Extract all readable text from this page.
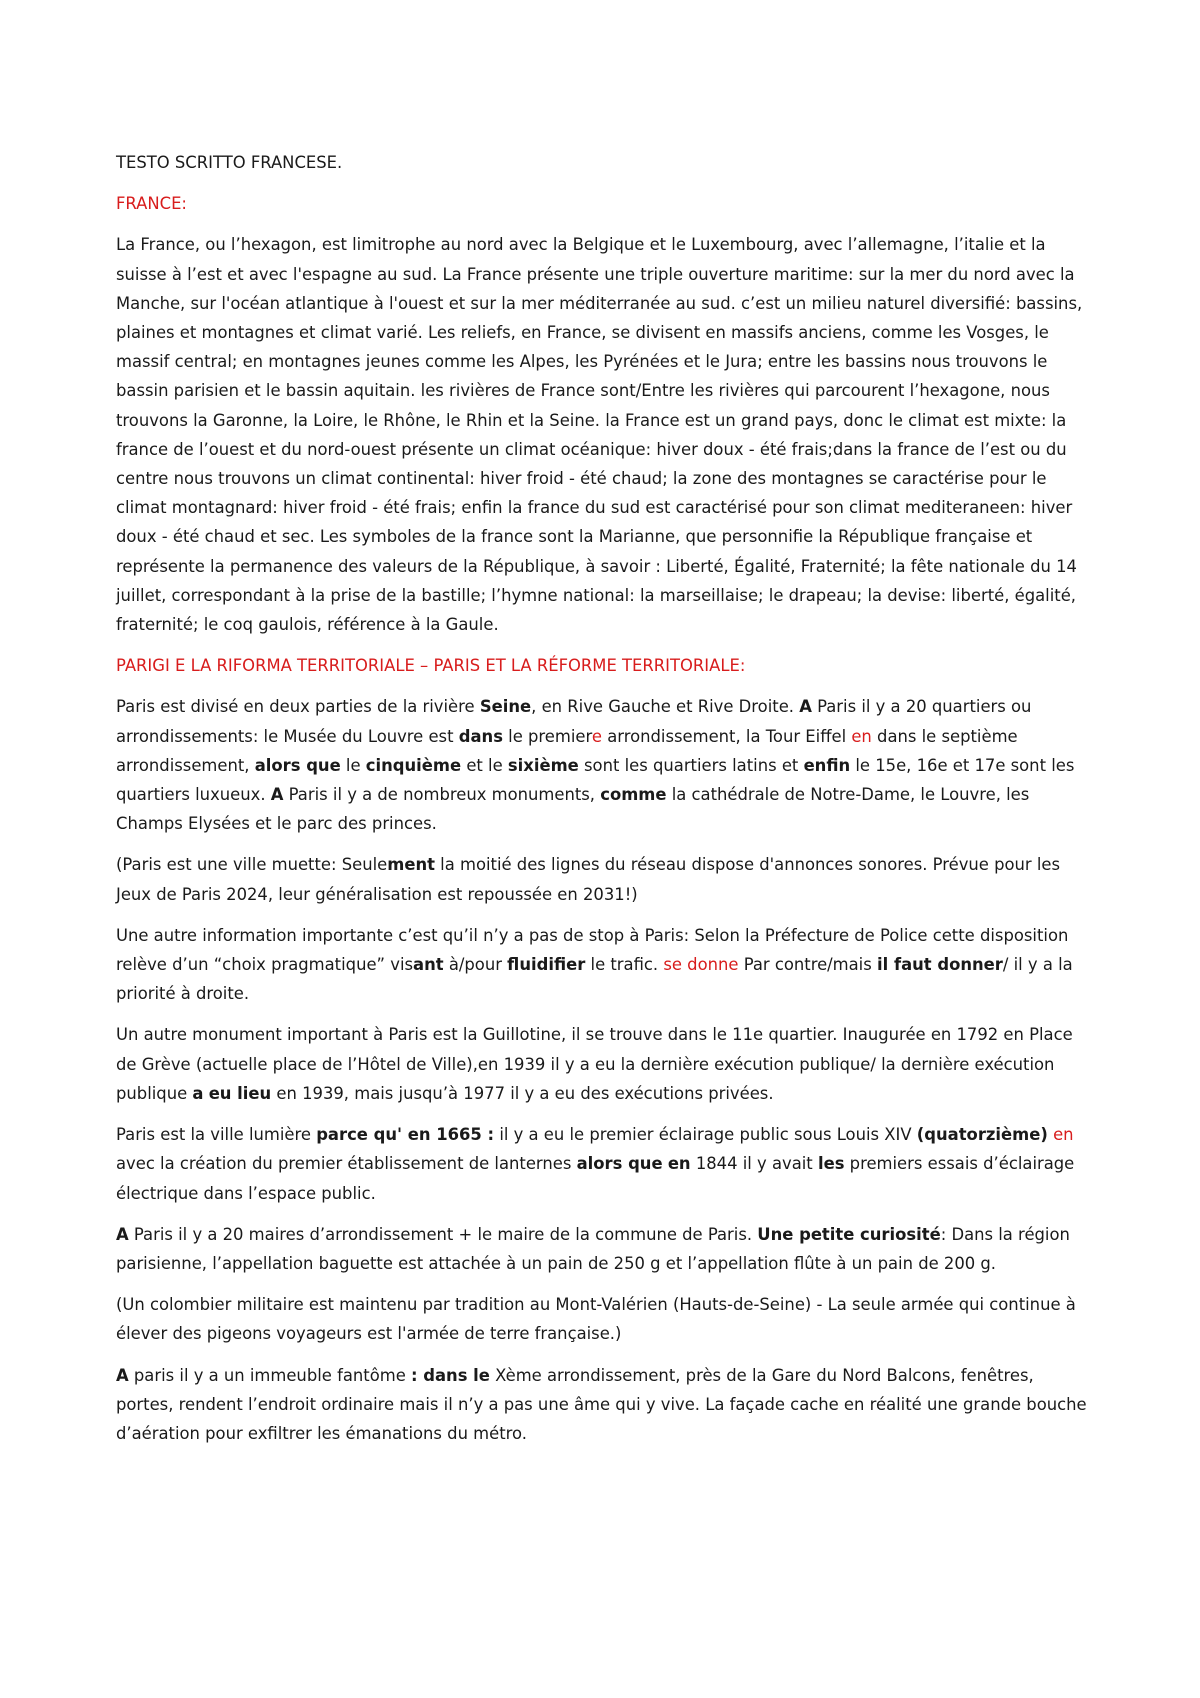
TESTO SCRITTO FRANCESE.

FRANCE:

La France, ou l’hexagon, est limitrophe au nord avec la Belgique et le Luxembourg, avec l’allemagne, l’italie et la suisse à l’est et avec l'espagne au sud. La France présente une triple ouverture maritime: sur la mer du nord avec la Manche, sur l'océan atlantique à l'ouest et sur la mer méditerranée au sud. c’est un milieu naturel diversifié: bassins, plaines et montagnes et climat varié. Les reliefs, en France, se divisent en massifs anciens, comme les Vosges, le massif central; en montagnes jeunes comme les Alpes, les Pyrénées et le Jura; entre les bassins nous trouvons le bassin parisien et le bassin aquitain. les rivières de France sont/Entre les rivières qui parcourent l’hexagone, nous trouvons la Garonne, la Loire, le Rhône, le Rhin et la Seine. la France est un grand pays, donc le climat est mixte: la france de l’ouest et du nord-ouest présente un climat océanique: hiver doux - été frais;dans la france de l’est ou du centre nous trouvons un climat continental: hiver froid - été chaud; la zone des montagnes se caractérise pour le climat montagnard: hiver froid - été frais; enfin la france du sud est caractérisé pour son climat mediteraneen: hiver doux - été chaud et sec. Les symboles de la france sont la Marianne, que personnifie la République française et représente la permanence des valeurs de la République, à savoir : Liberté, Égalité, Fraternité; la fête nationale du 14 juillet, correspondant à la prise de la bastille; l’hymne national: la marseillaise; le drapeau; la devise: liberté, égalité, fraternité; le coq gaulois, référence à la Gaule.

PARIGI E LA RIFORMA TERRITORIALE – PARIS ET LA RÉFORME TERRITORIALE:

Paris est divisé en deux parties de la rivière Seine, en Rive Gauche et Rive Droite. A Paris il y a 20 quartiers ou arrondissements: le Musée du Louvre est dans le premiere arrondissement, la Tour Eiffel en dans le septième arrondissement, alors que le cinquième et le sixième sont les quartiers latins et enfin le 15e, 16e et 17e sont les quartiers luxueux. A Paris il y a de nombreux monuments, comme la cathédrale de Notre-Dame, le Louvre, les Champs Elysées et le parc des princes.

(Paris est une ville muette: Seulement la moitié des lignes du réseau dispose d'annonces sonores. Prévue pour les Jeux de Paris 2024, leur généralisation est repoussée en 2031!)

Une autre information importante c’est qu’il n’y a pas de stop à Paris: Selon la Préfecture de Police cette disposition relève d’un “choix pragmatique” visant à/pour fluidifier le trafic. se donne Par contre/mais il faut donner/ il y a la priorité à droite.

Un autre monument important à Paris est la Guillotine, il se trouve dans le 11e quartier. Inaugurée en 1792 en Place de Grève (actuelle place de l’Hôtel de Ville),en 1939 il y a eu la dernière exécution publique/ la dernière exécution publique a eu lieu en 1939, mais jusqu’à 1977 il y a eu des exécutions privées.

Paris est la ville lumière parce qu' en 1665 : il y a eu le premier éclairage public sous Louis XIV (quatorzième) en avec la création du premier établissement de lanternes alors que en 1844 il y avait les premiers essais d’éclairage électrique dans l’espace public.

A Paris il y a 20 maires d’arrondissement + le maire de la commune de Paris. Une petite curiosité: Dans la région parisienne, l’appellation baguette est attachée à un pain de 250 g et l’appellation flûte à un pain de 200 g.

(Un colombier militaire est maintenu par tradition au Mont-Valérien (Hauts-de-Seine) - La seule armée qui continue à élever des pigeons voyageurs est l'armée de terre française.)

A paris il y a un immeuble fantôme : dans le Xème arrondissement, près de la Gare du Nord Balcons, fenêtres, portes, rendent l’endroit ordinaire mais il n’y a pas une âme qui y vive. La façade cache en réalité une grande bouche d’aération pour exfiltrer les émanations du métro.
